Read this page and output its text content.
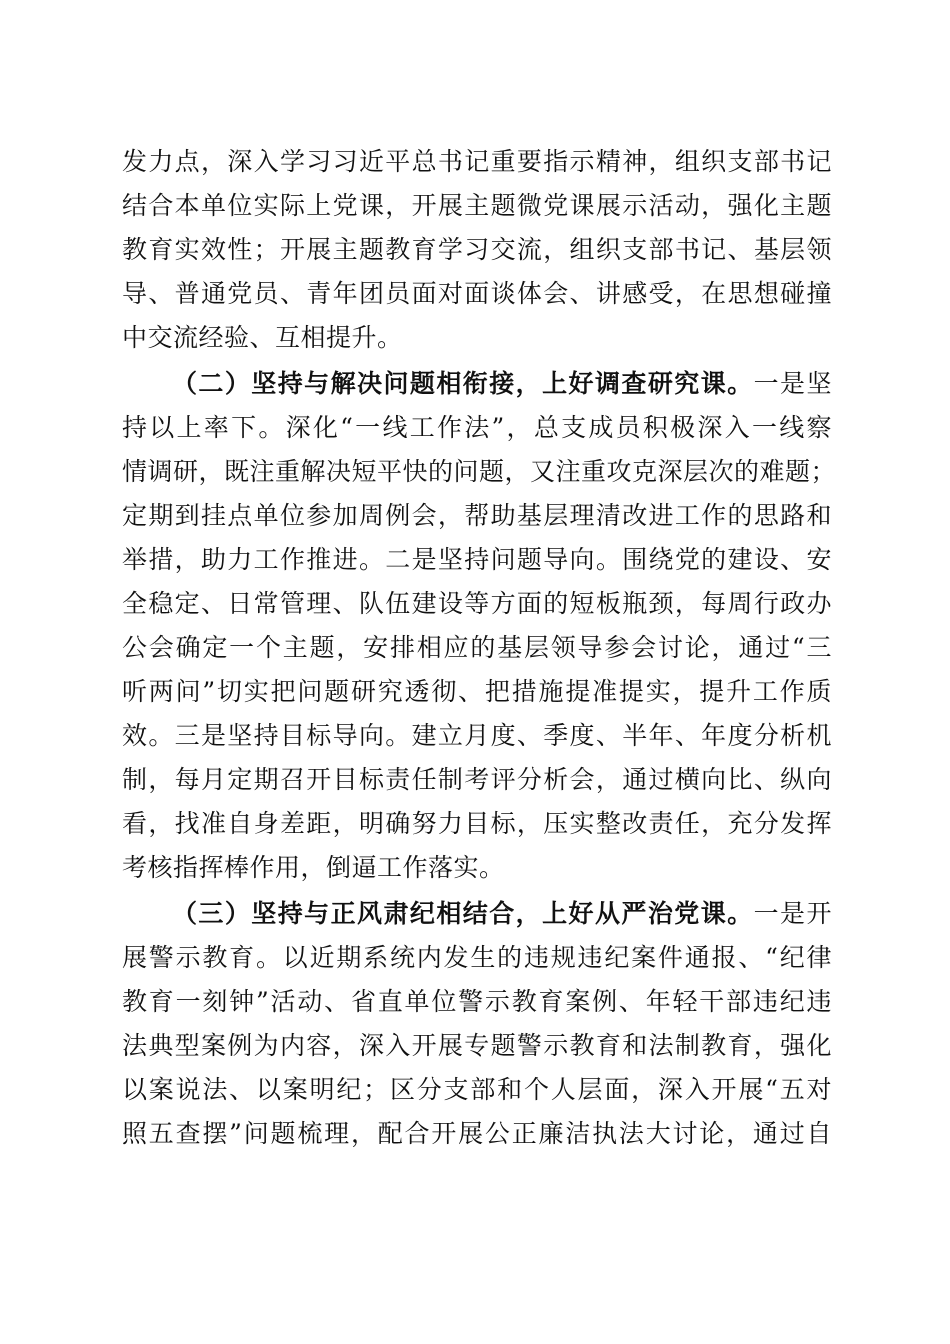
发力点，深入学习习近平总书记重要指示精神，组织支部书记
结合本单位实际上党课，开展主题微党课展示活动，强化主题
教育实效性；开展主题教育学习交流，组织支部书记、基层领
导、普通党员、青年团员面对面谈体会、讲感受，在思想碰撞
中交流经验、互相提升。
（二）坚持与解决问题相衔接，上好调查研究课。一是坚
持以上率下。深化“一线工作法”，总支成员积极深入一线察
情调研，既注重解决短平快的问题，又注重攻克深层次的难题；
定期到挂点单位参加周例会，帮助基层理清改进工作的思路和
举措，助力工作推进。二是坚持问题导向。围绕党的建设、安
全稳定、日常管理、队伍建设等方面的短板瓶颈，每周行政办
公会确定一个主题，安排相应的基层领导参会讨论，通过“三
听两问”切实把问题研究透彻、把措施提准提实，提升工作质
效。三是坚持目标导向。建立月度、季度、半年、年度分析机
制，每月定期召开目标责任制考评分析会，通过横向比、纵向
看，找准自身差距，明确努力目标，压实整改责任，充分发挥
考核指挥棒作用，倒逼工作落实。
（三）坚持与正风肃纪相结合，上好从严治党课。一是开
展警示教育。以近期系统内发生的违规违纪案件通报、“纪律
教育一刻钟”活动、省直单位警示教育案例、年轻干部违纪违
法典型案例为内容，深入开展专题警示教育和法制教育，强化
以案说法、以案明纪；区分支部和个人层面，深入开展“五对
照五查摆”问题梳理，配合开展公正廉洁执法大讨论，通过自
